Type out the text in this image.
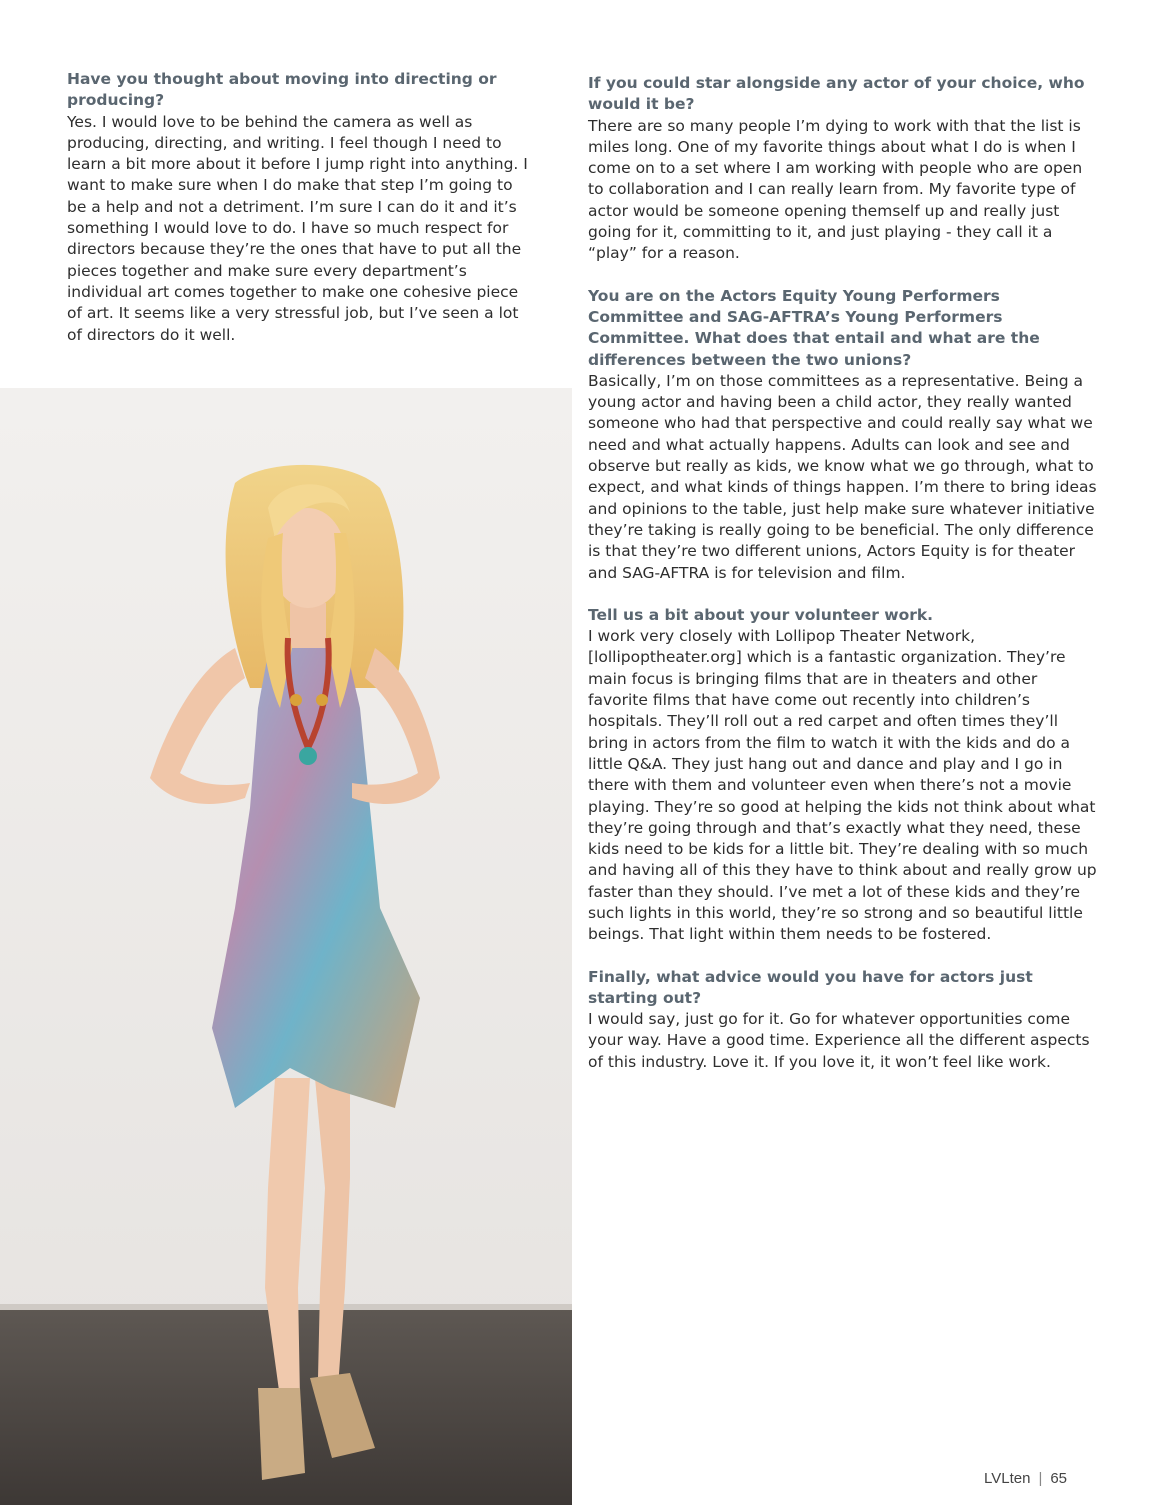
Have you thought about moving into directing or producing?

Yes. I would love to be behind the camera as well as producing, directing, and writing. I feel though I need to learn a bit more about it before I jump right into anything. I want to make sure when I do make that step I’m going to be a help and not a detriment. I’m sure I can do it and it’s something I would love to do. I have so much respect for directors because they’re the ones that have to put all the pieces together and make sure every department’s individual art comes together to make one cohesive piece of art. It seems like a very stressful job, but I’ve seen a lot of directors do it well.

If you could star alongside any actor of your choice, who would it be?

There are so many people I’m dying to work with that the list is miles long. One of my favorite things about what I do is when I come on to a set where I am working with people who are open to collaboration and I can really learn from. My favorite type of actor would be someone opening themself up and really just going for it, committing to it, and just playing - they call it a “play” for a reason.

You are on the Actors Equity Young Performers Committee and SAG-AFTRA’s Young Performers Committee. What does that entail and what are the differences between the two unions?

Basically, I’m on those committees as a representative. Being a young actor and having been a child actor, they really wanted someone who had that perspective and could really say what we need and what actually happens. Adults can look and see and observe but really as kids, we know what we go through, what to expect, and what kinds of things happen. I’m there to bring ideas and opinions to the table, just help make sure whatever initiative they’re taking is really going to be beneficial. The only difference is that they’re two different unions, Actors Equity is for theater and SAG-AFTRA is for television and film.

Tell us a bit about your volunteer work.

I work very closely with Lollipop Theater Network, [lollipoptheater.org] which is a fantastic organization. They’re main focus is bringing films that are in theaters and other favorite films that have come out recently into children’s hospitals. They’ll roll out a red carpet and often times they’ll bring in actors from the film to watch it with the kids and do a little Q&A. They just hang out and dance and play and I go in there with them and volunteer even when there’s not a movie playing. They’re so good at helping the kids not think about what they’re going through and that’s exactly what they need, these kids need to be kids for a little bit. They’re dealing with so much and having all of this they have to think about and really grow up faster than they should. I’ve met a lot of these kids and they’re such lights in this world, they’re so strong and so beautiful little beings. That light within them needs to be fostered.

Finally, what advice would you have for actors just starting out?

I would say, just go for it. Go for whatever opportunities come your way. Have a good time. Experience all the different aspects of this industry. Love it. If you love it, it won’t feel like work.

LVLten | 65
